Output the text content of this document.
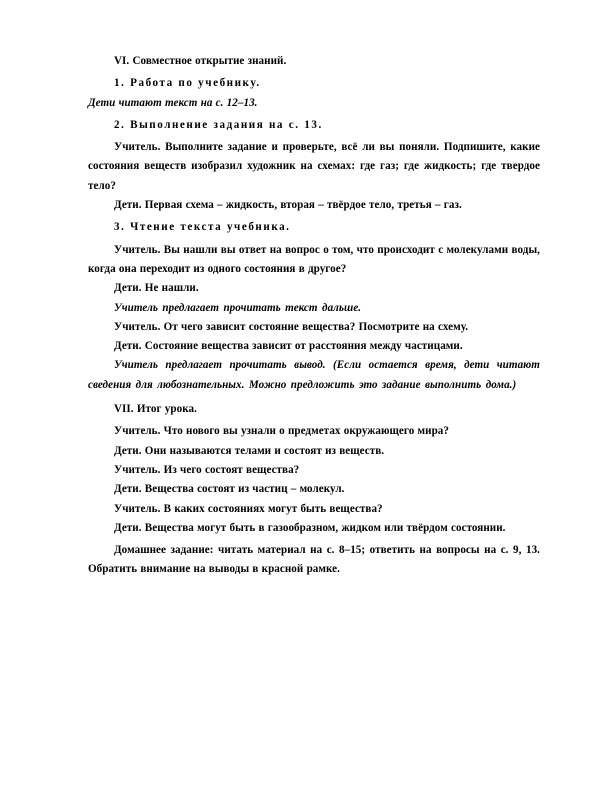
VI. Совместное открытие знаний.

1. Работа по учебнику.

Дети читают текст на с. 12–13.

2. Выполнение задания на с. 13.

Учитель. Выполните задание и проверьте, всё ли вы поняли. Подпишите, какие состояния веществ изобразил художник на схемах: где газ; где жидкость; где твердое тело?

Дети. Первая схема – жидкость, вторая – твёрдое тело, третья – газ.

3. Чтение текста учебника.

Учитель. Вы нашли вы ответ на вопрос о том, что происходит с молекулами воды, когда она переходит из одного состояния в другое?

Дети. Не нашли.

Учитель предлагает прочитать текст дальше.

Учитель. От чего зависит состояние вещества? Посмотрите на схему.

Дети. Состояние вещества зависит от расстояния между частицами.

Учитель предлагает прочитать вывод. (Если остается время, дети читают сведения для любознательных. Можно предложить это задание выполнить дома.)

VII. Итог урока.

Учитель. Что нового вы узнали о предметах окружающего мира?

Дети. Они называются телами и состоят из веществ.

Учитель. Из чего состоят вещества?

Дети. Вещества состоят из частиц – молекул.

Учитель. В каких состояниях могут быть вещества?

Дети. Вещества могут быть в газообразном, жидком или твёрдом состоянии.

Домашнее задание: читать материал на с. 8–15; ответить на вопросы на с. 9, 13. Обратить внимание на выводы в красной рамке.
